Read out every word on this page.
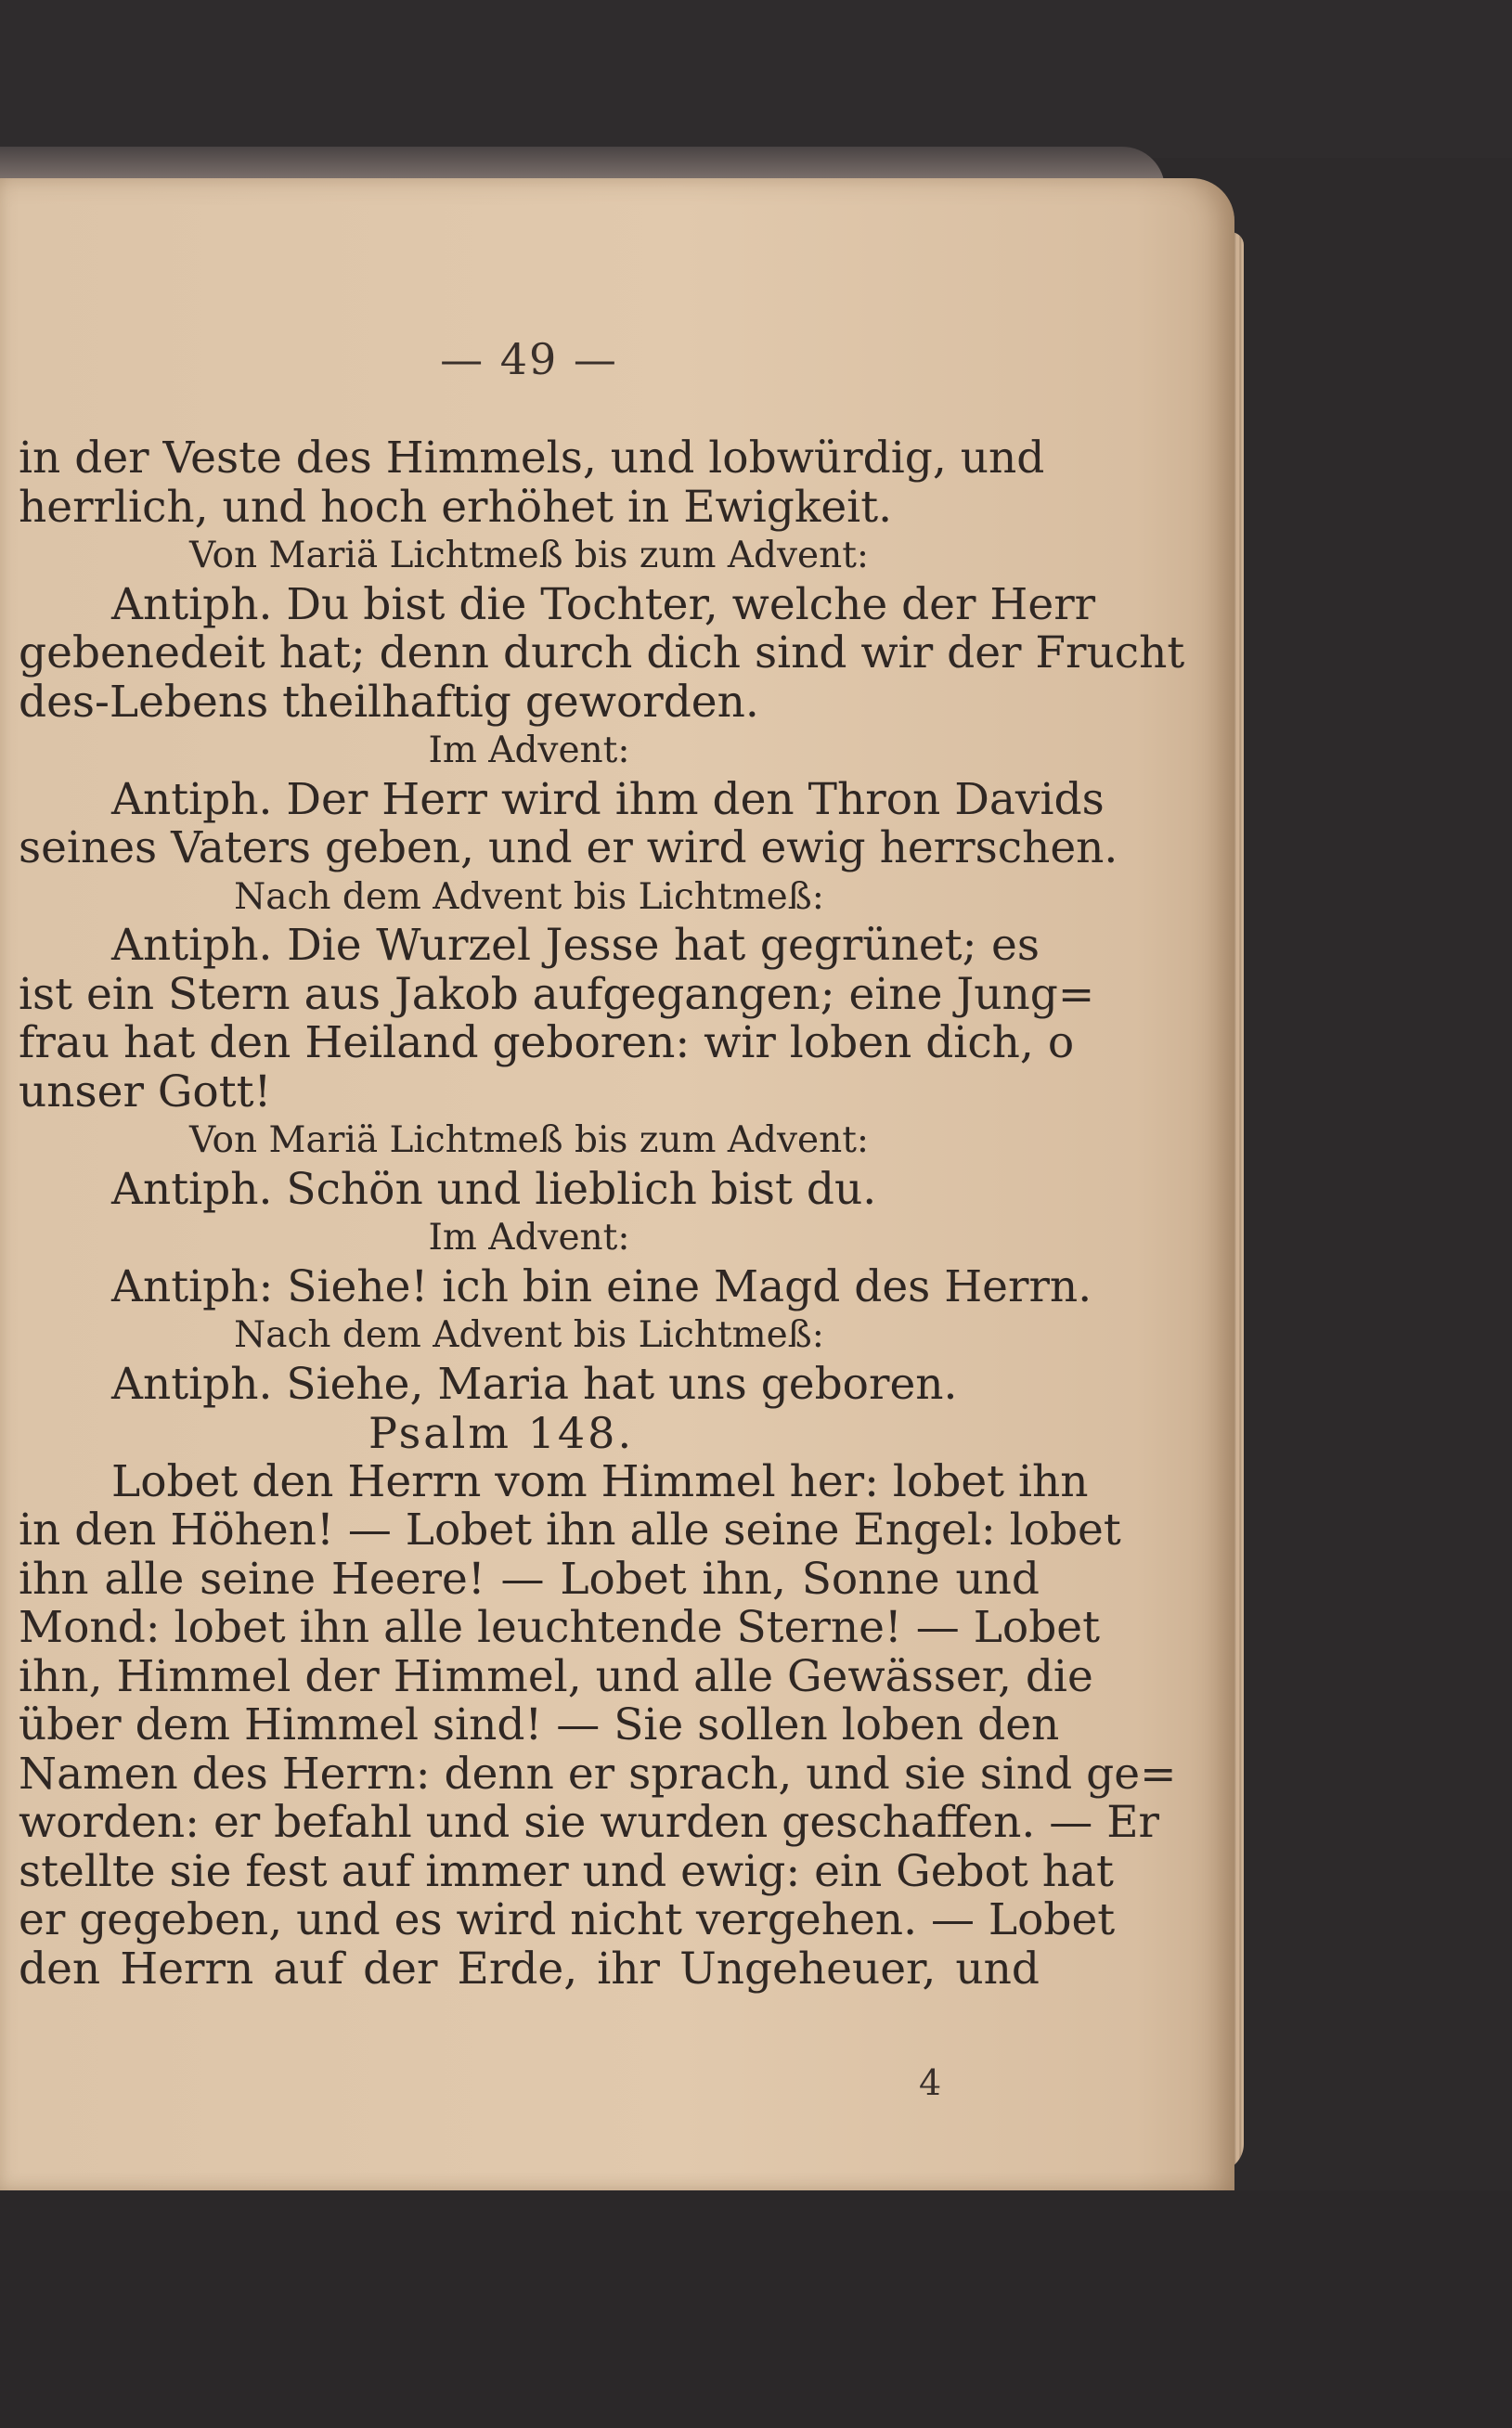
— 49 —
in der Veste des Himmels, und lobwürdig, und
herrlich, und hoch erhöhet in Ewigkeit.
Von Mariä Lichtmeß bis zum Advent:
Antiph. Du bist die Tochter, welche der Herr
gebenedeit hat; denn durch dich sind wir der Frucht
des-Lebens theilhaftig geworden.
Im Advent:
Antiph. Der Herr wird ihm den Thron Davids
seines Vaters geben, und er wird ewig herrschen.
Nach dem Advent bis Lichtmeß:
Antiph. Die Wurzel Jesse hat gegrünet; es
ist ein Stern aus Jakob aufgegangen; eine Jung=
frau hat den Heiland geboren: wir loben dich, o
unser Gott!
Von Mariä Lichtmeß bis zum Advent:
Antiph. Schön und lieblich bist du.
Im Advent:
Antiph: Siehe! ich bin eine Magd des Herrn.
Nach dem Advent bis Lichtmeß:
Antiph. Siehe, Maria hat uns geboren.
Psalm 148.
Lobet den Herrn vom Himmel her: lobet ihn
in den Höhen! — Lobet ihn alle seine Engel: lobet
ihn alle seine Heere! — Lobet ihn, Sonne und
Mond: lobet ihn alle leuchtende Sterne! — Lobet
ihn, Himmel der Himmel, und alle Gewässer, die
über dem Himmel sind! — Sie sollen loben den
Namen des Herrn: denn er sprach, und sie sind ge=
worden: er befahl und sie wurden geschaffen. — Er
stellte sie fest auf immer und ewig: ein Gebot hat
er gegeben, und es wird nicht vergehen. — Lobet
den Herrn auf der Erde, ihr Ungeheuer, und
4
